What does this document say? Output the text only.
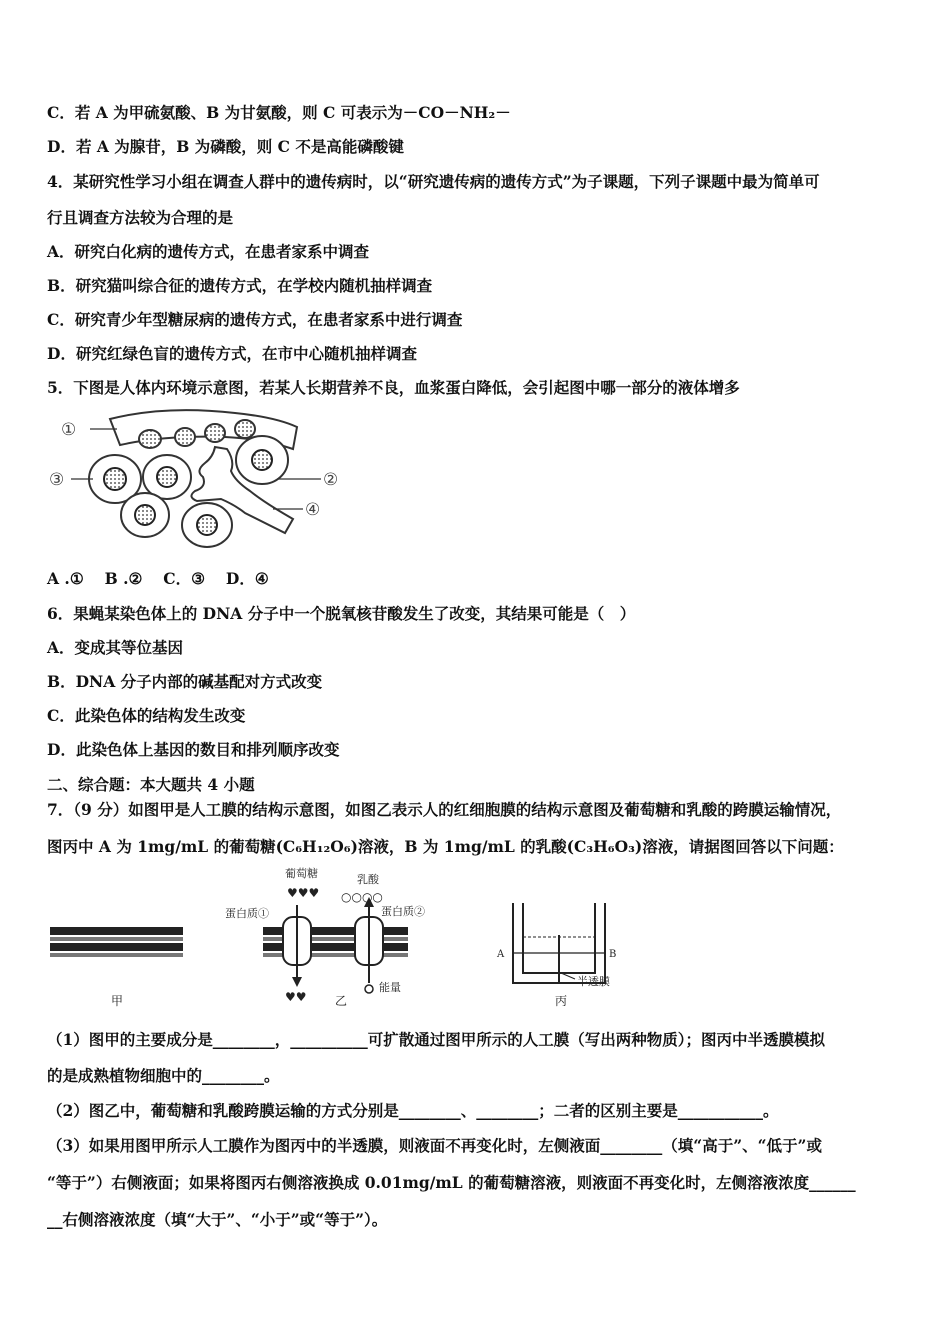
C．若 A 为甲硫氨酸、B 为甘氨酸，则 C 可表示为－CO－NH₂－
D．若 A 为腺苷，B 为磷酸，则 C 不是高能磷酸键
4．某研究性学习小组在调查人群中的遗传病时，以“研究遗传病的遗传方式”为子课题，下列子课题中最为简单可
行且调查方法较为合理的是
A．研究白化病的遗传方式，在患者家系中调查
B．研究猫叫综合征的遗传方式，在学校内随机抽样调查
C．研究青少年型糖尿病的遗传方式，在患者家系中进行调查
D．研究红绿色盲的遗传方式，在市中心随机抽样调查
5．下图是人体内环境示意图，若某人长期营养不良，血浆蛋白降低，会引起图中哪一部分的液体增多
①
③	②
④
A .①　 B .②　 C．③　 D．④
6．果蝇某染色体上的 DNA 分子中一个脱氧核苷酸发生了改变，其结果可能是（　）
A．变成其等位基因
B．DNA 分子内部的碱基配对方式改变
C．此染色体的结构发生改变
D．此染色体上基因的数目和排列顺序改变
二、综合题：本大题共 4 小题
7．（9 分）如图甲是人工膜的结构示意图，如图乙表示人的红细胞膜的结构示意图及葡萄糖和乳酸的跨膜运输情况，
图丙中 A 为 1mg/mL 的葡萄糖(C₆H₁₂O₆)溶液，B 为 1mg/mL 的乳酸(C₃H₆O₃)溶液，请据图回答以下问题：
甲
葡萄糖
♥♥♥
♥♥
乳酸
○○○○
蛋白质①	蛋白质②
能量
乙
A	B
半透膜
丙
（1）图甲的主要成分是________，__________可扩散通过图甲所示的人工膜（写出两种物质）；图丙中半透膜模拟
的是成熟植物细胞中的________。
（2）图乙中，葡萄糖和乳酸跨膜运输的方式分别是________、________；二者的区别主要是___________。
（3）如果用图甲所示人工膜作为图丙中的半透膜，则液面不再变化时，左侧液面________（填“高于”、“低于”或
“等于”）右侧液面；如果将图丙右侧溶液换成 0.01mg/mL 的葡萄糖溶液，则液面不再变化时，左侧溶液浓度______
__右侧溶液浓度（填“大于”、“小于”或“等于”）。
